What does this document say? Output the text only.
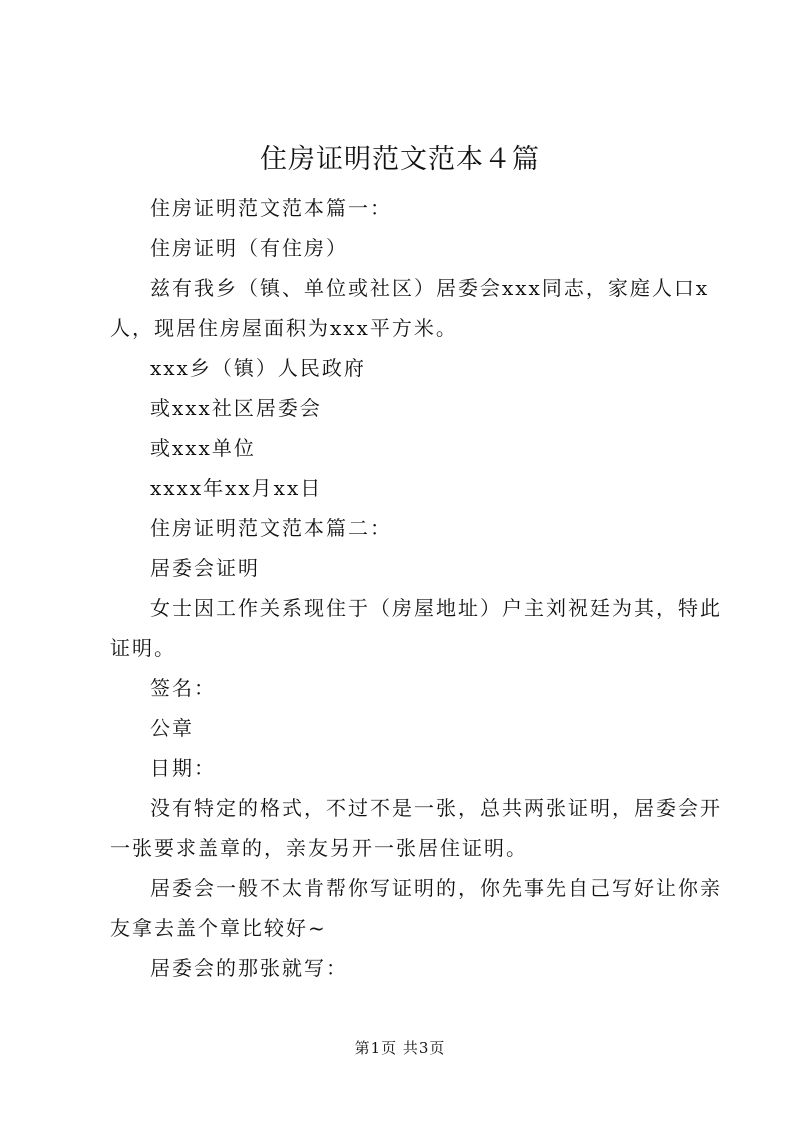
住房证明范文范本４篇
住房证明范文范本篇一：
住房证明（有住房）
兹有我乡（镇、单位或社区）居委会xxx同志，家庭人口x
人，现居住房屋面积为xxx平方米。
xxx乡（镇）人民政府
或xxx社区居委会
或xxx单位
xxxx年xx月xx日
住房证明范文范本篇二：
居委会证明
女士因工作关系现住于（房屋地址）户主刘祝廷为其，特此
证明。
签名：
公章
日期：
没有特定的格式，不过不是一张，总共两张证明，居委会开
一张要求盖章的，亲友另开一张居住证明。
居委会一般不太肯帮你写证明的，你先事先自己写好让你亲
友拿去盖个章比较好~
居委会的那张就写：
第1页 共3页
